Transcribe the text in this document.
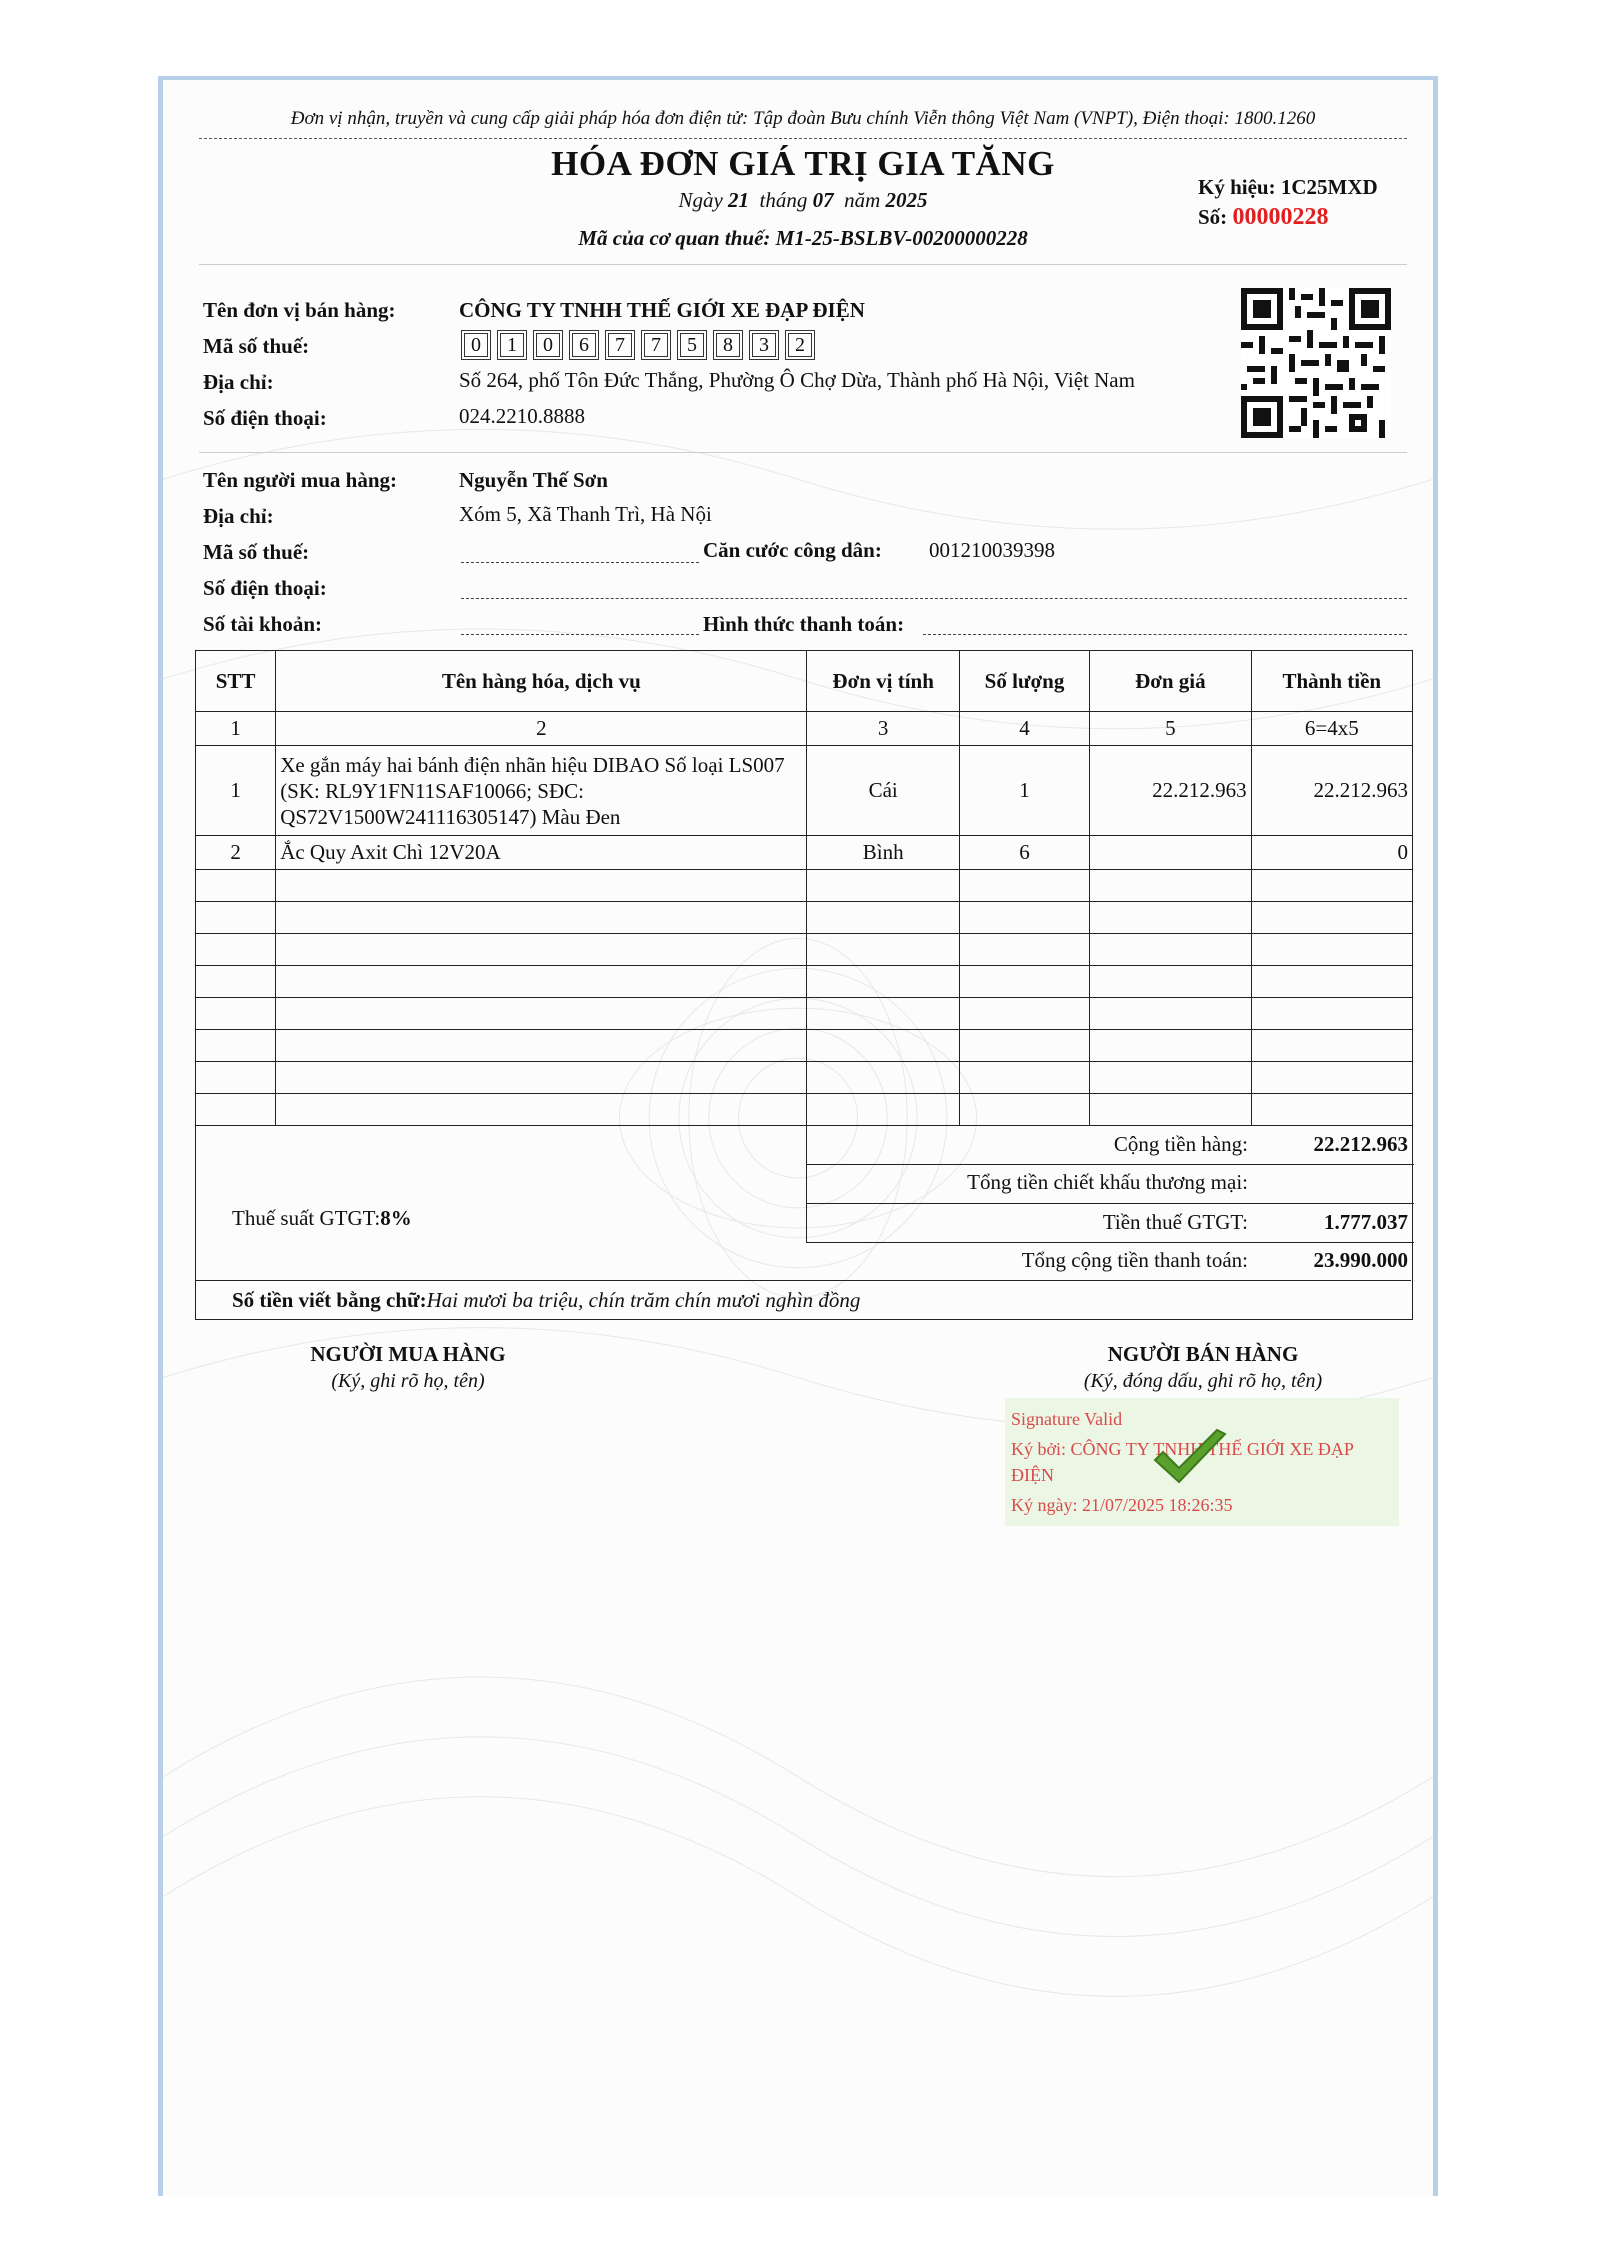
Đơn vị nhận, truyền và cung cấp giải pháp hóa đơn điện tử: Tập đoàn Bưu chính Viễn thông Việt Nam (VNPT), Điện thoại: 1800.1260
HÓA ĐƠN GIÁ TRỊ GIA TĂNG
Ngày 21 tháng 07 năm 2025
Mã của cơ quan thuế: M1-25-BSLBV-00200000228
Ký hiệu: 1C25MXD
Số: 00000228
Tên đơn vị bán hàng:	CÔNG TY TNHH THẾ GIỚI XE ĐẠP ĐIỆN
Mã số thuế:	0	1	0	6	7	7	5	8	3	2
Địa chỉ:	Số 264, phố Tôn Đức Thắng, Phường Ô Chợ Dừa, Thành phố Hà Nội, Việt Nam
Số điện thoại:	024.2210.8888
Tên người mua hàng:	Nguyễn Thế Sơn
Địa chỉ:	Xóm 5, Xã Thanh Trì, Hà Nội
Mã số thuế:	Căn cước công dân: 001210039398
Số điện thoại:
Số tài khoản:	Hình thức thanh toán:
STT	Tên hàng hóa, dịch vụ	Đơn vị tính	Số lượng	Đơn giá	Thành tiền
1	2	3	4	5	6=4x5
1	Xe gắn máy hai bánh điện nhãn hiệu DIBAO Số loại LS007 (SK: RL9Y1FN11SAF10066; SĐC: QS72V1500W241116305147) Màu Đen	Cái	1	22.212.963	22.212.963
2	Ắc Quy Axit Chì 12V20A	Bình	6		0

Cộng tiền hàng:	22.212.963
Tổng tiền chiết khấu thương mại:
Thuế suất GTGT:8%	Tiền thuế GTGT:	1.777.037
Tổng cộng tiền thanh toán:	23.990.000
Số tiền viết bằng chữ:Hai mươi ba triệu, chín trăm chín mươi nghìn đồng
NGƯỜI MUA HÀNG
(Ký, ghi rõ họ, tên)
NGƯỜI BÁN HÀNG
(Ký, đóng dấu, ghi rõ họ, tên)
Signature Valid
Ký bởi: CÔNG TY TNHH THẾ GIỚI XE ĐẠP ĐIỆN
Ký ngày: 21/07/2025 18:26:35
